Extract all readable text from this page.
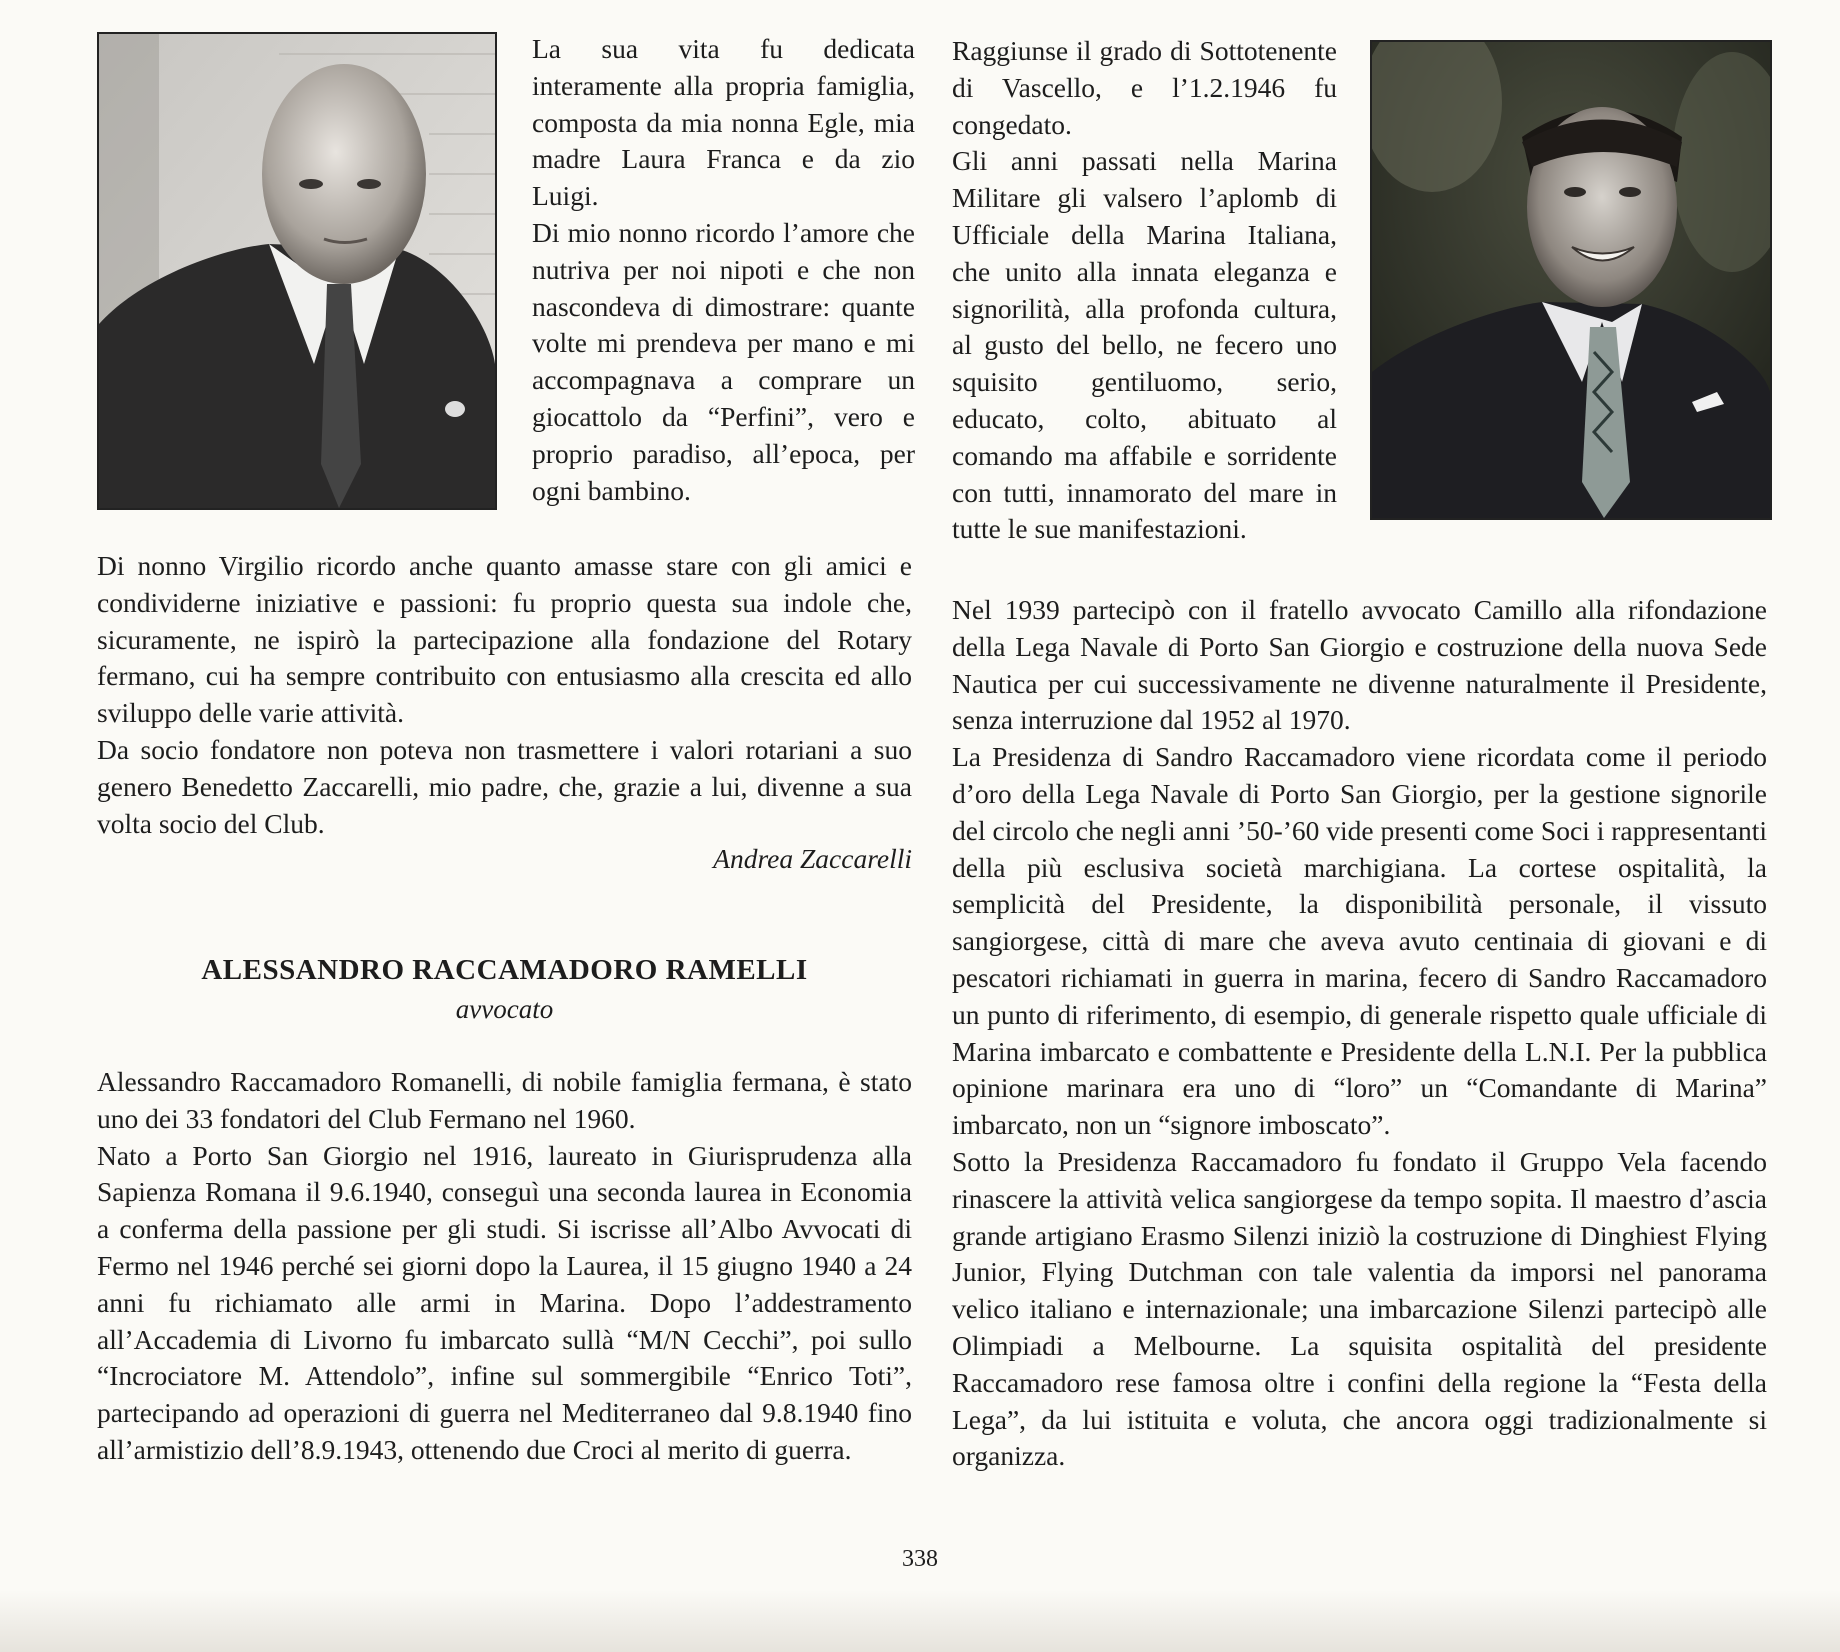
La sua vita fu dedicata interamente alla propria famiglia, composta da mia nonna Egle, mia madre Laura Franca e da zio Luigi.

Di mio nonno ricordo l’amore che nutriva per noi nipoti e che non nascondeva di dimostrare: quante volte mi prendeva per mano e mi accompagnava a comprare un giocattolo da “Perfini”, vero e proprio paradiso, all’epoca, per ogni bambino.

Di nonno Virgilio ricordo anche quanto amasse stare con gli amici e condividerne iniziative e passioni: fu proprio questa sua indole che, sicuramente, ne ispirò la partecipazione alla fondazione del Rotary fermano, cui ha sempre contribuito con entusiasmo alla crescita ed allo sviluppo delle varie attività.

Da socio fondatore non poteva non trasmettere i valori rotariani a suo genero Benedetto Zaccarelli, mio padre, che, grazie a lui, divenne a sua volta socio del Club.

Andrea Zaccarelli
ALESSANDRO RACCAMADORO RAMELLI
avvocato

Alessandro Raccamadoro Romanelli, di nobile famiglia fermana, è stato uno dei 33 fondatori del Club Fermano nel 1960.

Nato a Porto San Giorgio nel 1916, laureato in Giurisprudenza alla Sapienza Romana il 9.6.1940, conseguì una seconda laurea in Economia a conferma della passione per gli studi. Si iscrisse all’Albo Avvocati di Fermo nel 1946 perché sei giorni dopo la Laurea, il 15 giugno 1940 a 24 anni fu richiamato alle armi in Marina. Dopo l’addestramento all’Accademia di Livorno fu imbarcato sullà “M/N Cecchi”, poi sullo “Incrociatore M. Attendolo”, infine sul sommergibile “Enrico Toti”, partecipando ad operazioni di guerra nel Mediterraneo dal 9.8.1940 fino all’armistizio dell’8.9.1943, ottenendo due Croci al merito di guerra.

Raggiunse il grado di Sottotenente di Vascello, e l’1.2.1946 fu congedato.

Gli anni passati nella Marina Militare gli valsero l’aplomb di Ufficiale della Marina Italiana, che unito alla innata eleganza e signorilità, alla profonda cultura, al gusto del bello, ne fecero uno squisito gentiluomo, serio, educato, colto, abituato al comando ma affabile e sorridente con tutti, innamorato del mare in tutte le sue manifestazioni.

Nel 1939 partecipò con il fratello avvocato Camillo alla rifondazione della Lega Navale di Porto San Giorgio e costruzione della nuova Sede Nautica per cui successivamente ne divenne naturalmente il Presidente, senza interruzione dal 1952 al 1970.

La Presidenza di Sandro Raccamadoro viene ricordata come il periodo d’oro della Lega Navale di Porto San Giorgio, per la gestione signorile del circolo che negli anni ’50-’60 vide presenti come Soci i rappresentanti della più esclusiva società marchigiana. La cortese ospitalità, la semplicità del Presidente, la disponibilità personale, il vissuto sangiorgese, città di mare che aveva avuto centinaia di giovani e di pescatori richiamati in guerra in marina, fecero di Sandro Raccamadoro un punto di riferimento, di esempio, di generale rispetto quale ufficiale di Marina imbarcato e combattente e Presidente della L.N.I. Per la pubblica opinione marinara era uno di “loro” un “Comandante di Marina” imbarcato, non un “signore imboscato”.

Sotto la Presidenza Raccamadoro fu fondato il Gruppo Vela facendo rinascere la attività velica sangiorgese da tempo sopita. Il maestro d’ascia grande artigiano Erasmo Silenzi iniziò la costruzione di Dinghiest Flying Junior, Flying Dutchman con tale valentia da imporsi nel panorama velico italiano e internazionale; una imbarcazione Silenzi partecipò alle Olimpiadi a Melbourne. La squisita ospitalità del presidente Raccamadoro rese famosa oltre i confini della regione la “Festa della Lega”, da lui istituita e voluta, che ancora oggi tradizionalmente si organizza.

338
